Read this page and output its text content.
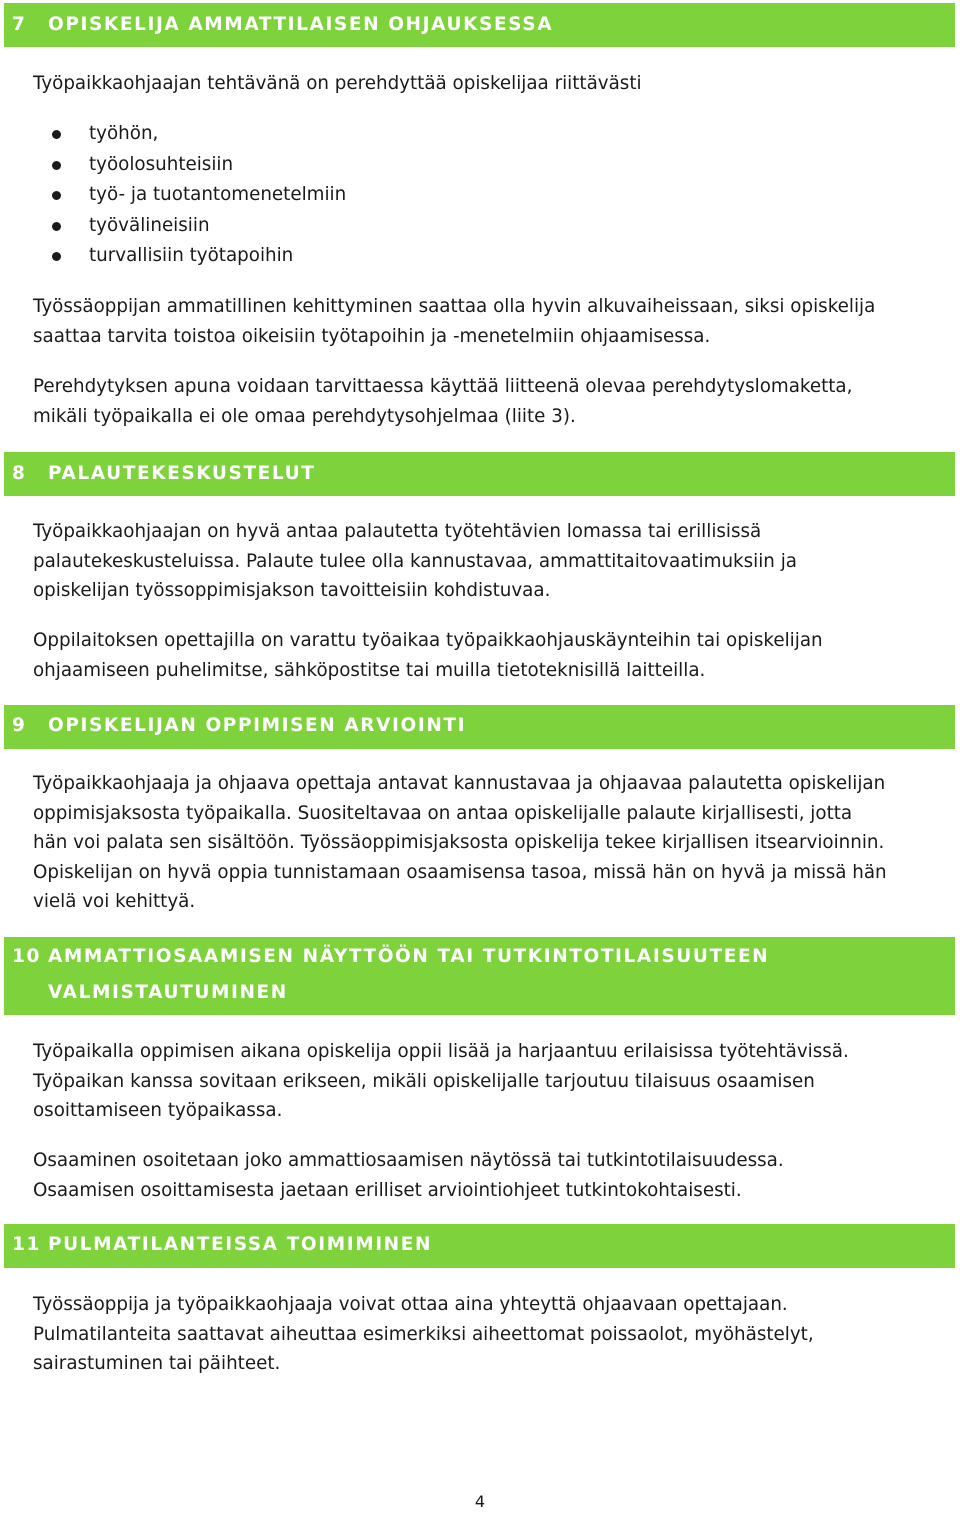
7 OPISKELIJA AMMATTILAISEN OHJAUKSESSA
Työpaikkaohjaajan tehtävänä on perehdyttää opiskelijaa riittävästi
työhön,
työolosuhteisiin
työ- ja tuotantomenetelmiin
työvälineisiin
turvallisiin työtapoihin
Työssäoppijan ammatillinen kehittyminen saattaa olla hyvin alkuvaiheissaan, siksi opiskelija
saattaa tarvita toistoa oikeisiin työtapoihin ja -menetelmiin ohjaamisessa.
Perehdytyksen apuna voidaan tarvittaessa käyttää liitteenä olevaa perehdytyslomaketta,
mikäli työpaikalla ei ole omaa perehdytysohjelmaa (liite 3).
8 PALAUTEKESKUSTELUT
Työpaikkaohjaajan on hyvä antaa palautetta työtehtävien lomassa tai erillisissä
palautekeskusteluissa. Palaute tulee olla kannustavaa, ammattitaitovaatimuksiin ja
opiskelijan työssoppimisjakson tavoitteisiin kohdistuvaa.
Oppilaitoksen opettajilla on varattu työaikaa työpaikkaohjauskäynteihin tai opiskelijan
ohjaamiseen puhelimitse, sähköpostitse tai muilla tietoteknisillä laitteilla.
9 OPISKELIJAN OPPIMISEN ARVIOINTI
Työpaikkaohjaaja ja ohjaava opettaja antavat kannustavaa ja ohjaavaa palautetta opiskelijan
oppimisjaksosta työpaikalla. Suositeltavaa on antaa opiskelijalle palaute kirjallisesti, jotta
hän voi palata sen sisältöön. Työssäoppimisjaksosta opiskelija tekee kirjallisen itsearvioinnin.
Opiskelijan on hyvä oppia tunnistamaan osaamisensa tasoa, missä hän on hyvä ja missä hän
vielä voi kehittyä.
10 AMMATTIOSAAMISEN NÄYTTÖÖN TAI TUTKINTOTILAISUUTEEN
VALMISTAUTUMINEN
Työpaikalla oppimisen aikana opiskelija oppii lisää ja harjaantuu erilaisissa työtehtävissä.
Työpaikan kanssa sovitaan erikseen, mikäli opiskelijalle tarjoutuu tilaisuus osaamisen
osoittamiseen työpaikassa.
Osaaminen osoitetaan joko ammattiosaamisen näytössä tai tutkintotilaisuudessa.
Osaamisen osoittamisesta jaetaan erilliset arviointiohjeet tutkintokohtaisesti.
11 PULMATILANTEISSA TOIMIMINEN
Työssäoppija ja työpaikkaohjaaja voivat ottaa aina yhteyttä ohjaavaan opettajaan.
Pulmatilanteita saattavat aiheuttaa esimerkiksi aiheettomat poissaolot, myöhästelyt,
sairastuminen tai päihteet.
4
